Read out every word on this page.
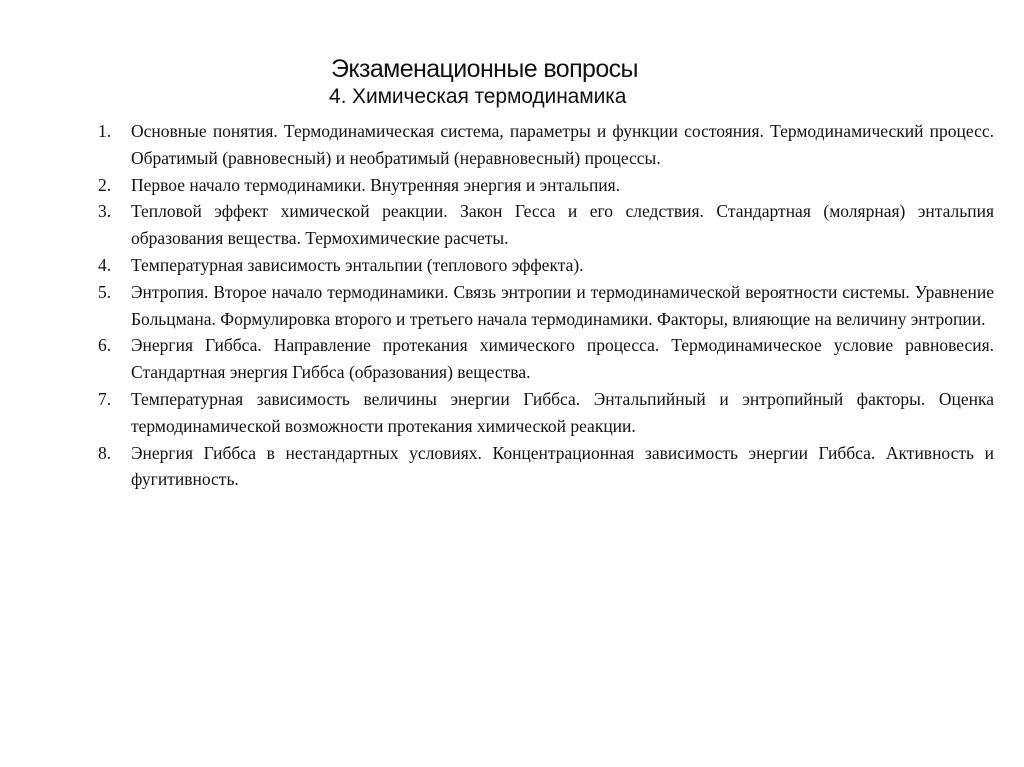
Экзаменационные вопросы
4. Химическая термодинамика
1. Основные понятия. Термодинамическая система, параметры и функции состояния. Термодинамический процесс. Обратимый (равновесный) и необратимый (неравновесный) процессы.
2. Первое начало термодинамики. Внутренняя энергия и энтальпия.
3. Тепловой эффект химической реакции. Закон Гесса и его следствия. Стандартная (молярная) энтальпия образования вещества. Термохимические расчеты.
4. Температурная зависимость энтальпии (теплового эффекта).
5. Энтропия. Второе начало термодинамики. Связь энтропии и термодинамической вероятности системы. Уравнение Больцмана. Формулировка второго и третьего начала термодинамики. Факторы, влияющие на величину энтропии.
6. Энергия Гиббса. Направление протекания химического процесса. Термодинамическое условие равновесия. Стандартная энергия Гиббса (образования) вещества.
7. Температурная зависимость величины энергии Гиббса. Энтальпийный и энтропийный факторы. Оценка термодинамической возможности протекания химической реакции.
8. Энергия Гиббса в нестандартных условиях. Концентрационная зависимость энергии Гиббса. Активность и фугитивность.
